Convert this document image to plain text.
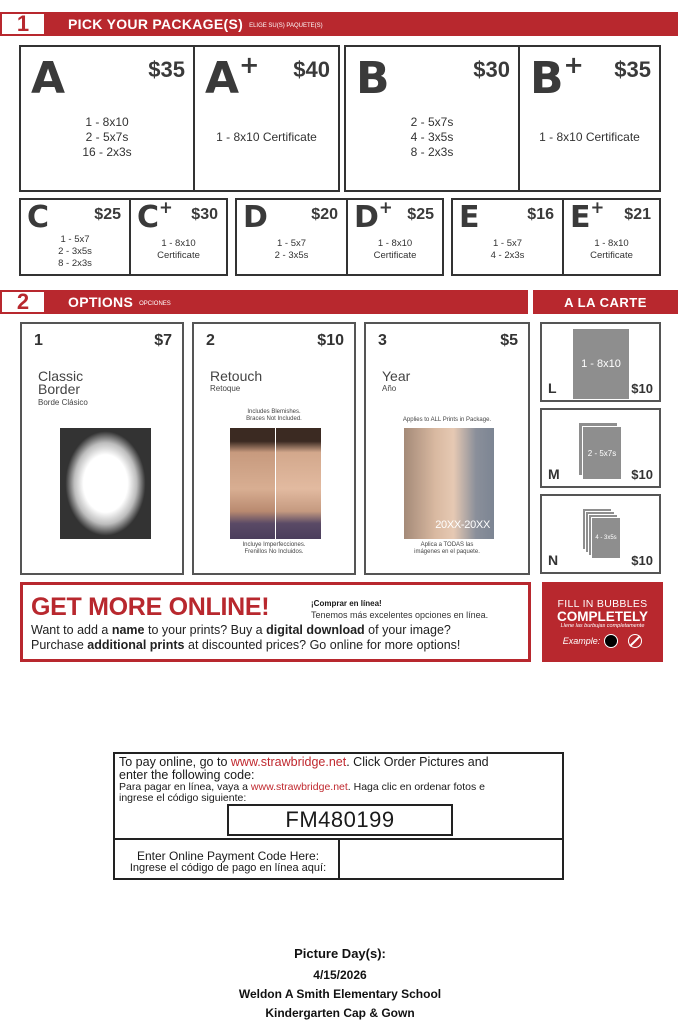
1	PICK YOUR PACKAGE(S) ELIGE SU(S) PAQUETE(S)
A	$35
1 - 8x10
2 - 5x7s
16 - 2x3s
A+ $40
1 - 8x10 Certificate
B	$30
2 - 5x7s
4 - 3x5s
8 - 2x3s
B+ $35
1 - 8x10 Certificate
C	$25
1 - 5x7
2 - 3x5s
8 - 2x3s
C+ $30
1 - 8x10
Certificate
D	$20
1 - 5x7
2 - 3x5s
D+ $25
1 - 8x10
Certificate
E	$16
1 - 5x7
4 - 2x3s
E+ $21
1 - 8x10
Certificate
2	OPTIONS OPCIONES	A LA CARTE
1	$7
Classic
Border
Borde Clásico
2	$10
Retouch
Retoque
Includes Blemishes.
Braces Not Included.
Incluye Imperfecciones.
Frenillos No Incluidos.
3	$5
Year
Año
Applies to ALL Prints in Package.
20XX-20XX
Aplica a TODAS las
imágenes en el paquete.
1 - 8x10
L	$10
2 - 5x7s
M	$10
4 - 3x5s
N	$10
GET MORE ONLINE!	¡Comprar en línea!
Tenemos más excelentes opciones en línea.
Want to add a name to your prints? Buy a digital download of your image?
Purchase additional prints at discounted prices? Go online for more options!
FILL IN BUBBLES
COMPLETELY
Llene las burbujas completamente
Example:
To pay online, go to www.strawbridge.net. Click Order Pictures and
enter the following code:
Para pagar en línea, vaya a www.strawbridge.net. Haga clic en ordenar fotos e
ingrese el código siguiente:
FM480199
Enter Online Payment Code Here:
Ingrese el código de pago en línea aquí:
Picture Day(s):
4/15/2026
Weldon A Smith Elementary School
Kindergarten Cap & Gown
